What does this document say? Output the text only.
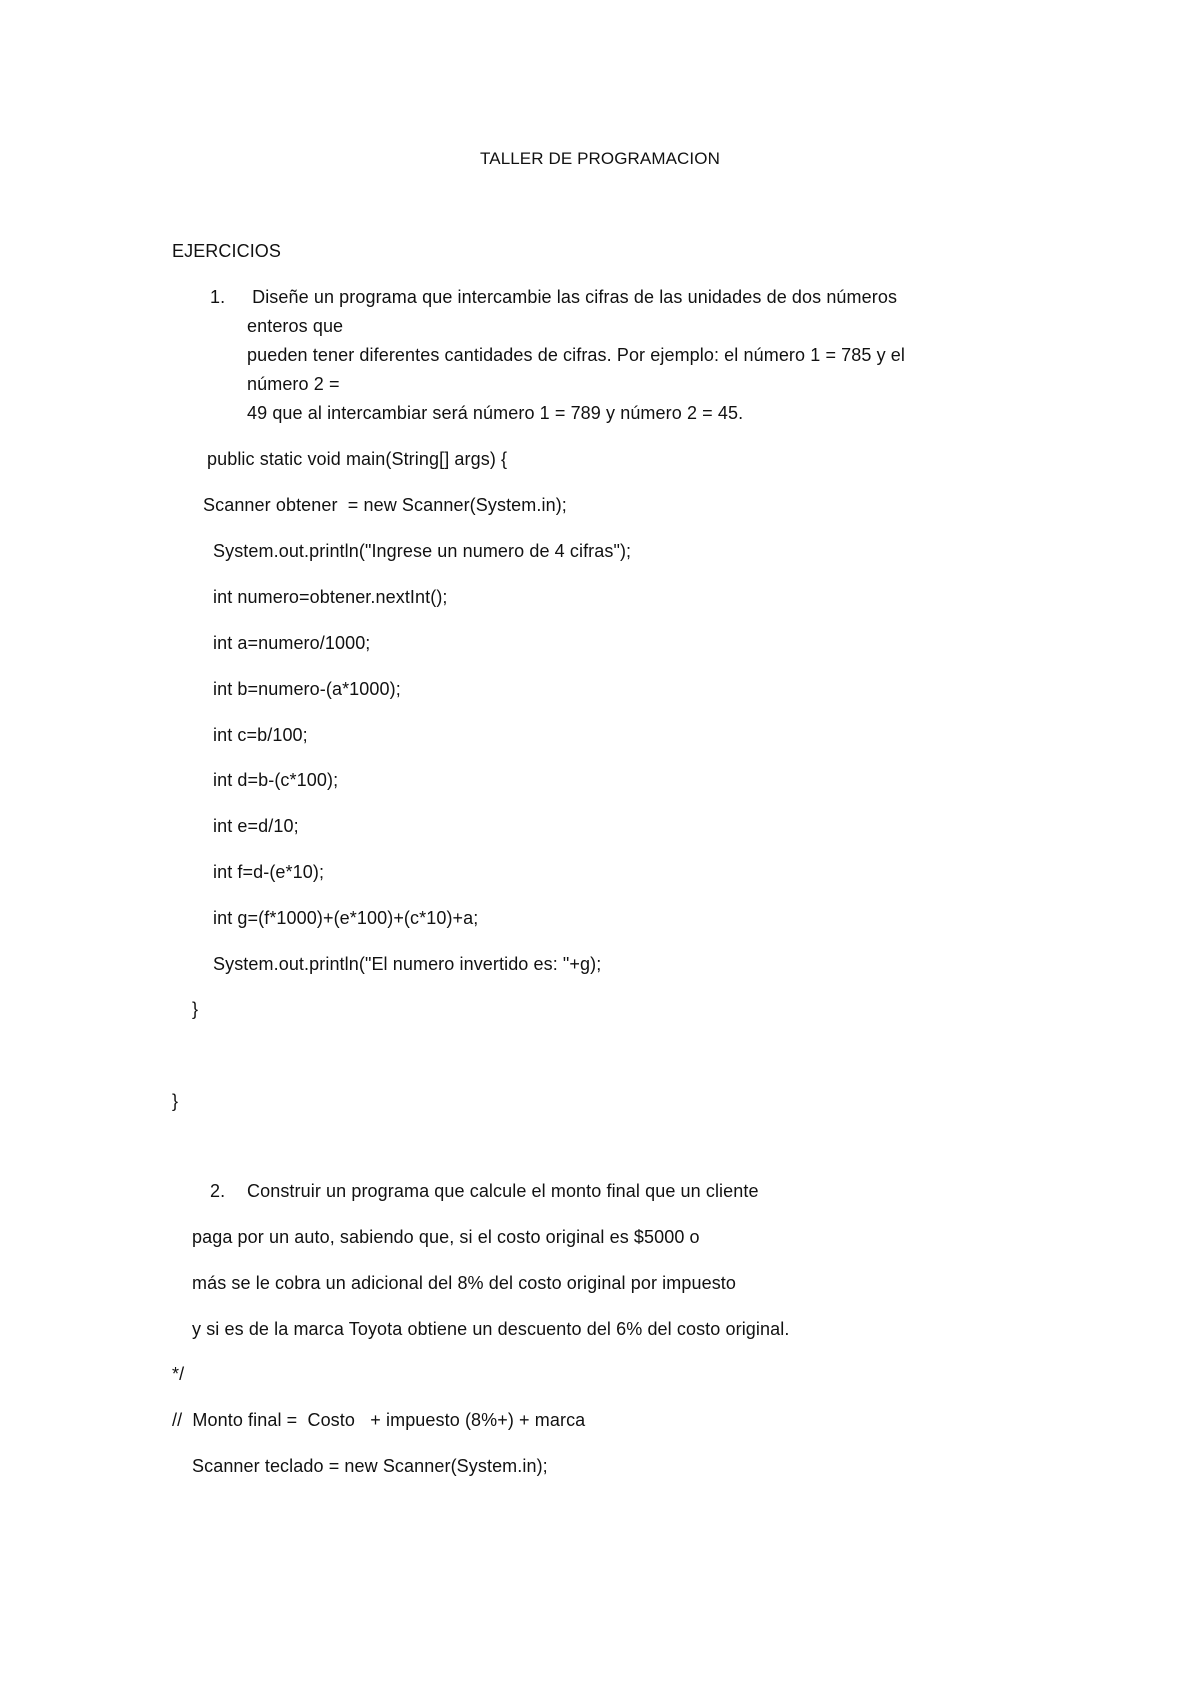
TALLER DE PROGRAMACION
EJERCICIOS
1. Diseñe un programa que intercambie las cifras de las unidades de dos números
enteros que
pueden tener diferentes cantidades de cifras. Por ejemplo: el número 1 = 785 y el
número 2 =
49 que al intercambiar será número 1 = 789 y número 2 = 45.
public static void main(String[] args) {
Scanner obtener  = new Scanner(System.in);
System.out.println("Ingrese un numero de 4 cifras");
int numero=obtener.nextInt();
int a=numero/1000;
int b=numero-(a*1000);
int c=b/100;
int d=b-(c*100);
int e=d/10;
int f=d-(e*10);
int g=(f*1000)+(e*100)+(c*10)+a;
System.out.println("El numero invertido es: "+g);
}
}
2. Construir un programa que calcule el monto final que un cliente
paga por un auto, sabiendo que, si el costo original es $5000 o
más se le cobra un adicional del 8% del costo original por impuesto
y si es de la marca Toyota obtiene un descuento del 6% del costo original.
*/
//  Monto final =  Costo   + impuesto (8%+) + marca
Scanner teclado = new Scanner(System.in);
